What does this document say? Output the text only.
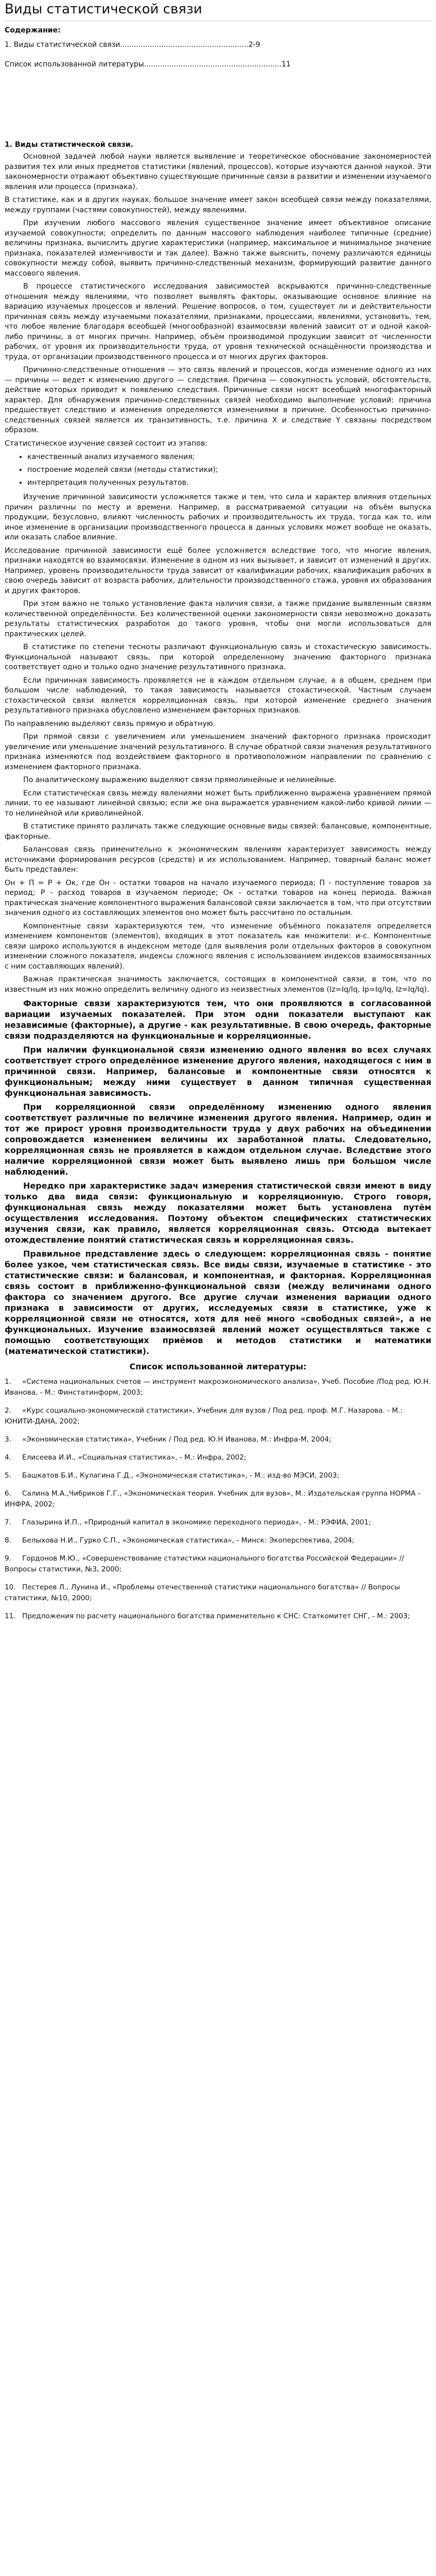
Виды статистической связи
Содержание:
1. Виды статистической связи........................................................2-9
Список использованной литературы............................................................11
1. Виды статистической связи.

Основной задачей любой науки является выявление и теоретическое обоснование закономерностей развития тех или иных предметов статистики (явлений, процессов), которые изучаются данной наукой. Эти закономерности отражают объективно существующие причинные связи в развитии и изменении изучаемого явления или процесса (признака).

В статистике, как и в других науках, большое значение имеет закон всеобщей связи между показателями, между группами (частями совокупностей), между явлениями.

При изучении любого массового явления существенное значение имеет объективное описание изучаемой совокупности; определить по данным массового наблюдения наиболее типичные (средние) величины признака, вычислить другие характеристики (например, максимальное и минимальное значение признака, показателей изменчивости и так далее). Важно также выяснить, почему различаются единицы совокупности между собой, выявить причинно-следственный механизм, формирующий развитие данного массового явления.

В процессе статистического исследования зависимостей вскрываются причинно-следственные отношения между явлениями, что позволяет выявлять факторы, оказывающие основное влияние на вариацию изучаемых процессов и явлений. Решение вопросов, о том, существует ли и действительности причинная связь между изучаемыми показателями, признаками, процессами, явлениями, установить, тем, что любое явление благодаря всеобщей (многообразной) взаимосвязи явлений зависит от и одной какой-либо причины, а от многих причин. Например, объём производимой продукции зависит от численности рабочих, от уровня их производительности труда, от уровня технической оснащённости производства и труда, от организации производственного процесса и от многих других факторов.

Причинно-следственные отношения — это связь явлений и процессов, когда изменение одного из них — причины — ведет к изменению другого — следствия. Причина — совокупность условий, обстоятельств, действие которых приводит к появлению следствия. Причинные связи носят всеобщий многофакторный характер. Для обнаружения причинно-следственных связей необходимо выполнение условий: причина предшествует следствию и изменения определяются изменениями в причине. Особенностью причинно-следственных связей является их транзитивность, т.е. причина X и следствие Y связаны посредством образом.

Статистическое изучение связей состоит из этапов:

• качественный анализ изучаемого явления;
• построение моделей связи (методы статистики);
• интерпретация полученных результатов.

Изучение причинной зависимости усложняется также и тем, что сила и характер влияния отдельных причин различны по месту и времени. Например, в рассматриваемой ситуации на объём выпуска продукции, безусловно, влияют численность рабочих и производительность их труда, тогда как то, или иное изменение в организации производственного процесса в данных условиях может вообще не оказать, или оказать слабое влияние.

Исследование причинной зависимости ещё более усложняется вследствие того, что многие явления, признаки находятся во взаимосвязи. Изменение в одном из них вызывает, и зависит от изменений в других. Например, уровень производительности труда зависит от квалификации рабочих, квалификация рабочих в свою очередь зависит от возраста рабочих, длительности производственного стажа, уровня их образования и других факторов.

При этом важно не только установление факта наличия связи, а также придание выявленным связям количественной определённости. Без количественной оценки закономерности связи невозможно доказать результаты статистических разработок до такого уровня, чтобы они могли использоваться для практических целей.

В статистике по степени тесноты различают функциональную связь и стохастическую зависимость. Функциональной называют связь, при которой определенному значению факторного признака соответствует одно и только одно значение результативного признака.

Если причинная зависимость проявляется не в каждом отдельном случае, а в общем, среднем при большом числе наблюдений, то такая зависимость называется стохастической. Частным случаем стохастической связи является корреляционная связь, при которой изменение среднего значения результативного признака обусловлено изменением факторных признаков.

По направлению выделяют связь прямую и обратную.

При прямой связи с увеличением или уменьшением значений факторного признака происходит увеличение или уменьшение значений результативного. В случае обратной связи значения результативного признака изменяются под воздействием факторного в противоположном направлении по сравнению с изменением факторного признака.

По аналитическому выражению выделяют связи прямолинейные и нелинейные.

Если статистическая связь между явлениями может быть приближенно выражена уравнением прямой линии, то ее называют линейной связью; если же она выражается уравнением какой-либо кривой линии — то нелинейной или криволинейной.

В статистике принято различать также следующие основные виды связей: балансовые, компонентные, факторные.

Балансовая связь применительно к экономическим явлениям характеризует зависимость между источниками формирования ресурсов (средств) и их использованием. Например, товарный баланс может быть представлен:

Он + П = Р + Ок, где Он - остатки товаров на начало изучаемого периода; П - поступление товаров за период; Р - расход товаров в изучаемом периоде; Ок - остатки товаров на конец периода. Важная практическая значение компонентного выражения балансовой связи заключается в том, что при отсутствии значения одного из составляющих элементов оно может быть рассчитано по остальным.

Компонентные связи характеризуются тем, что изменение объёмного показателя определяется изменением компонентов (элементов), входящих в этот показатель как множители: и-с. Компонентные связи широко используются в индексном методе (для выявления роли отдельных факторов в совокупном изменении сложного показателя, индексы сложного явления с использованием индексов взаимосвязанных с ним составляющих явлений).

Важная практическая значимость заключается, состоящих в компонентной связи, в том, что по известным из них можно определить величину одного из неизвестных элементов (Iz=Iq/Iq, Ip=Iq/Iq, Iz=Iq/Iq).

Факторные связи характеризуются тем, что они проявляются в согласованной вариации изучаемых показателей. При этом одни показатели выступают как независимые (факторные), а другие - как результативные. В свою очередь, факторные связи подразделяются на функциональные и корреляционные.

При наличии функциональной связи изменению одного явления во всех случаях соответствует строго определённое изменение другого явления, находящегося с ним в причинной связи. Например, балансовые и компонентные связи относятся к функциональным; между ними существует в данном типичная существенная функциональная зависимость.

При корреляционной связи определённому изменению одного явления соответствует различные по величине изменения другого явления. Например, один и тот же прирост уровня производительности труда у двух рабочих на объединении сопровождается изменением величины их заработанной платы. Следовательно, корреляционная связь не проявляется в каждом отдельном случае. Вследствие этого наличие корреляционной связи может быть выявлено лишь при большом числе наблюдений.

Нередко при характеристике задач измерения статистической связи имеют в виду только два вида связи: функциональную и корреляционную. Строго говоря, функциональная связь между показателями может быть установлена путём осуществления исследования. Поэтому объектом специфических статистических изучения связи, как правило, является корреляционная связь. Отсюда вытекает отождествление понятий статистическая связь и корреляционная связь.

Правильное представление здесь о следующем: корреляционная связь - понятие более узкое, чем статистическая связь. Все виды связи, изучаемые в статистике - это статистические связи: и балансовая, и компонентная, и факторная. Корреляционная связь состоит в приближенно-функциональной связи (между величинами одного фактора со значением другого. Все другие случаи изменения вариации одного признака в зависимости от других, исследуемых связи в статистике, уже к корреляционной связи не относятся, хотя для неё много «свободных связей», а не функциональных. Изучение взаимосвязей явлений может осуществляться также с помощью соответствующих приёмов и методов статистики и математики (математической статистики).

Список использованной литературы:
1. «Система национальных счетов — инструмент макроэкономического анализа», Учеб. Пособие /Под ред. Ю.Н. Иванова, - М.: Финстатинформ, 2003;
2. «Курс социально-экономической статистики», Учебник для вузов / Под ред. проф. М.Г. Назарова. - М.: ЮНИТИ-ДАНА, 2002;
3. «Экономическая статистика», Учебник / Под ред. Ю.Н Иванова, М.: Инфра-М, 2004;
4. Елисеева И.И., «Социальная статистика», - М.: Инфра, 2002;
5. Башкатов Б.И., Кулагина Г.Д., «Экономическая статистика», - М.: изд-во МЭСИ, 2003;
6. Салина М.А.,Чибриков Г.Г., «Экономическая теория. Учебник для вузов», М.: Издательская группа НОРМА - ИНФРА, 2002;
7. Глазырина И.П., «Природный капитал в экономике переходного периода», - М.: РЭФИА, 2001;
8. Белыхова Н.И., Гурко С.П., «Экономическая статистика», - Минск: Экоперспектива, 2004;
9. Гордонов М.Ю., «Совершенствование статистики национального богатства Российской Федерации» // Вопросы статистики, №3, 2000;
10. Пестерев Л., Лунина И., «Проблемы отечественной статистики национального богатства» // Вопросы статистики, №10, 2000;
11. Предложения по расчету национального богатства применительно к СНС: Статкомитет СНГ, - М.: 2003;
